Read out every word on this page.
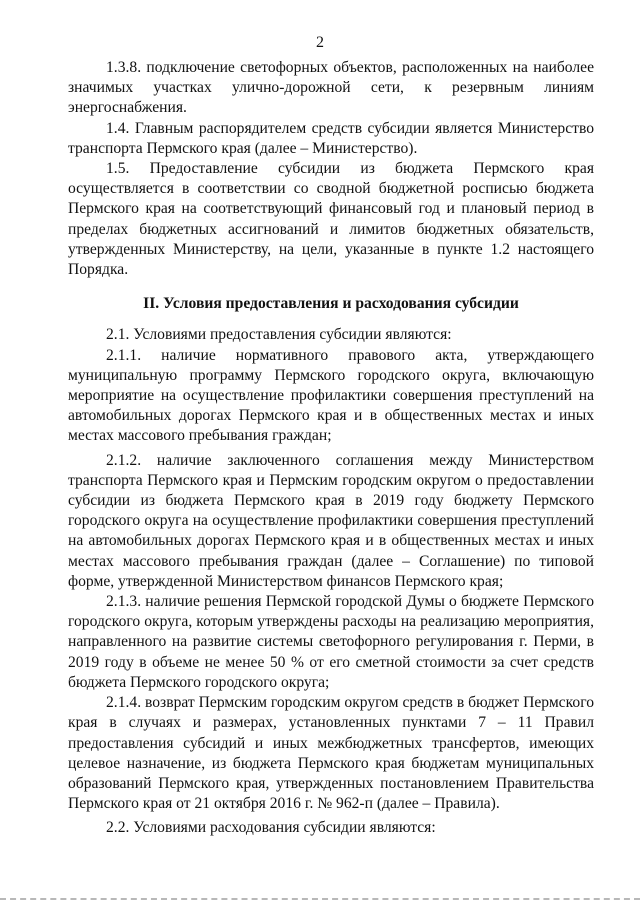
2

1.3.8. подключение светофорных объектов, расположенных на наиболее значимых участках улично-дорожной сети, к резервным линиям энергоснабжения.

1.4. Главным распорядителем средств субсидии является Министерство транспорта Пермского края (далее – Министерство).

1.5. Предоставление субсидии из бюджета Пермского края осуществляется в соответствии со сводной бюджетной росписью бюджета Пермского края на соответствующий финансовый год и плановый период в пределах бюджетных ассигнований и лимитов бюджетных обязательств, утвержденных Министерству, на цели, указанные в пункте 1.2 настоящего Порядка.

II. Условия предоставления и расходования субсидии

2.1. Условиями предоставления субсидии являются:

2.1.1. наличие нормативного правового акта, утверждающего муниципальную программу Пермского городского округа, включающую мероприятие на осуществление профилактики совершения преступлений на автомобильных дорогах Пермского края и в общественных местах и иных местах массового пребывания граждан;

2.1.2. наличие заключенного соглашения между Министерством транспорта Пермского края и Пермским городским округом о предоставлении субсидии из бюджета Пермского края в 2019 году бюджету Пермского городского округа на осуществление профилактики совершения преступлений на автомобильных дорогах Пермского края и в общественных местах и иных местах массового пребывания граждан (далее – Соглашение) по типовой форме, утвержденной Министерством финансов Пермского края;

2.1.3. наличие решения Пермской городской Думы о бюджете Пермского городского округа, которым утверждены расходы на реализацию мероприятия, направленного на развитие системы светофорного регулирования г. Перми, в 2019 году в объеме не менее 50 % от его сметной стоимости за счет средств бюджета Пермского городского округа;

2.1.4. возврат Пермским городским округом средств в бюджет Пермского края в случаях и размерах, установленных пунктами 7 – 11 Правил предоставления субсидий и иных межбюджетных трансфертов, имеющих целевое назначение, из бюджета Пермского края бюджетам муниципальных образований Пермского края, утвержденных постановлением Правительства Пермского края от 21 октября 2016 г. № 962-п (далее – Правила).

2.2. Условиями расходования субсидии являются:
